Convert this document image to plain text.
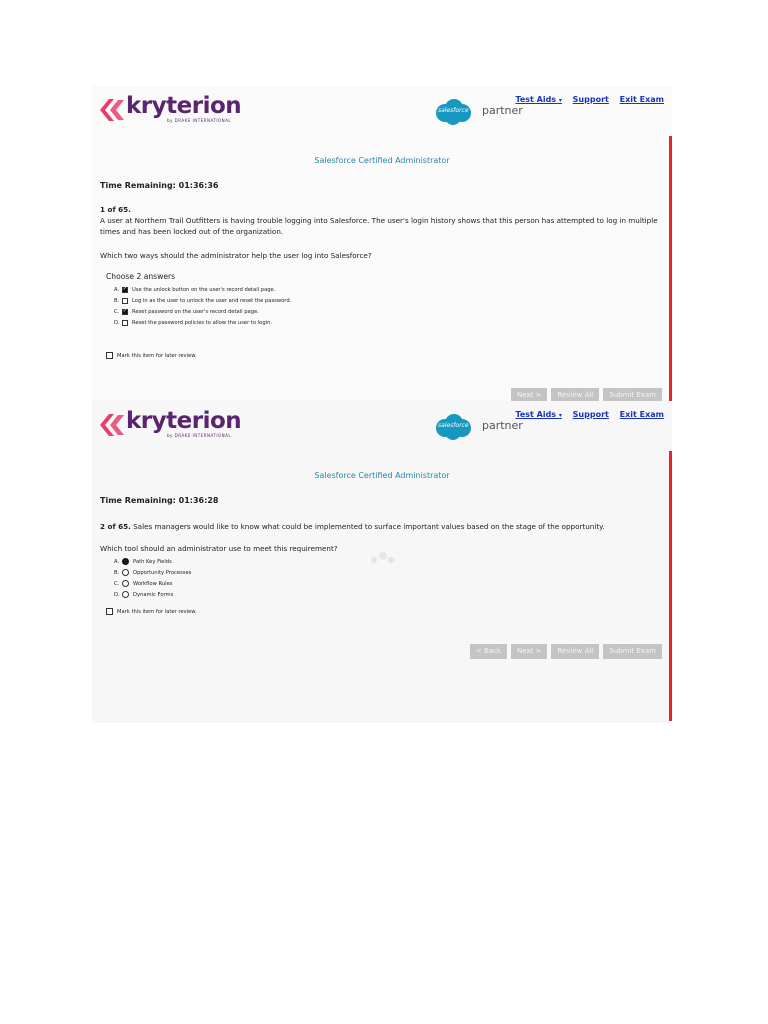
kryterion
by DRAKE INTERNATIONAL
salesforce partner
Test Aids ▾ Support Exit Exam
Salesforce Certified Administrator
Time Remaining: 01:36:36
1 of 65.
A user at Northern Trail Outfitters is having trouble logging into Salesforce. The user's login history shows that this person has attempted to log in multiple times and has been locked out of the organization.
Which two ways should the administrator help the user log into Salesforce?
Choose 2 answers
A. ✓	Use the unlock button on the user's record detail page.
B.	Log in as the user to unlock the user and reset the password.
C. ✓	Reset password on the user's record detail page.
D.	Reset the password policies to allow the user to login.
Mark this item for later review.
Next >	Review All	Submit Exam
kryterion
by DRAKE INTERNATIONAL
salesforce partner
Test Aids ▾ Support Exit Exam
Salesforce Certified Administrator
Time Remaining: 01:36:28
2 of 65. Sales managers would like to know what could be implemented to surface important values based on the stage of the opportunity.
Which tool should an administrator use to meet this requirement?
A.	Path Key Fields
B.	Opportunity Processes
C.	Workflow Rules
D.	Dynamic Forms
Mark this item for later review.
< Back	Next >	Review All	Submit Exam
